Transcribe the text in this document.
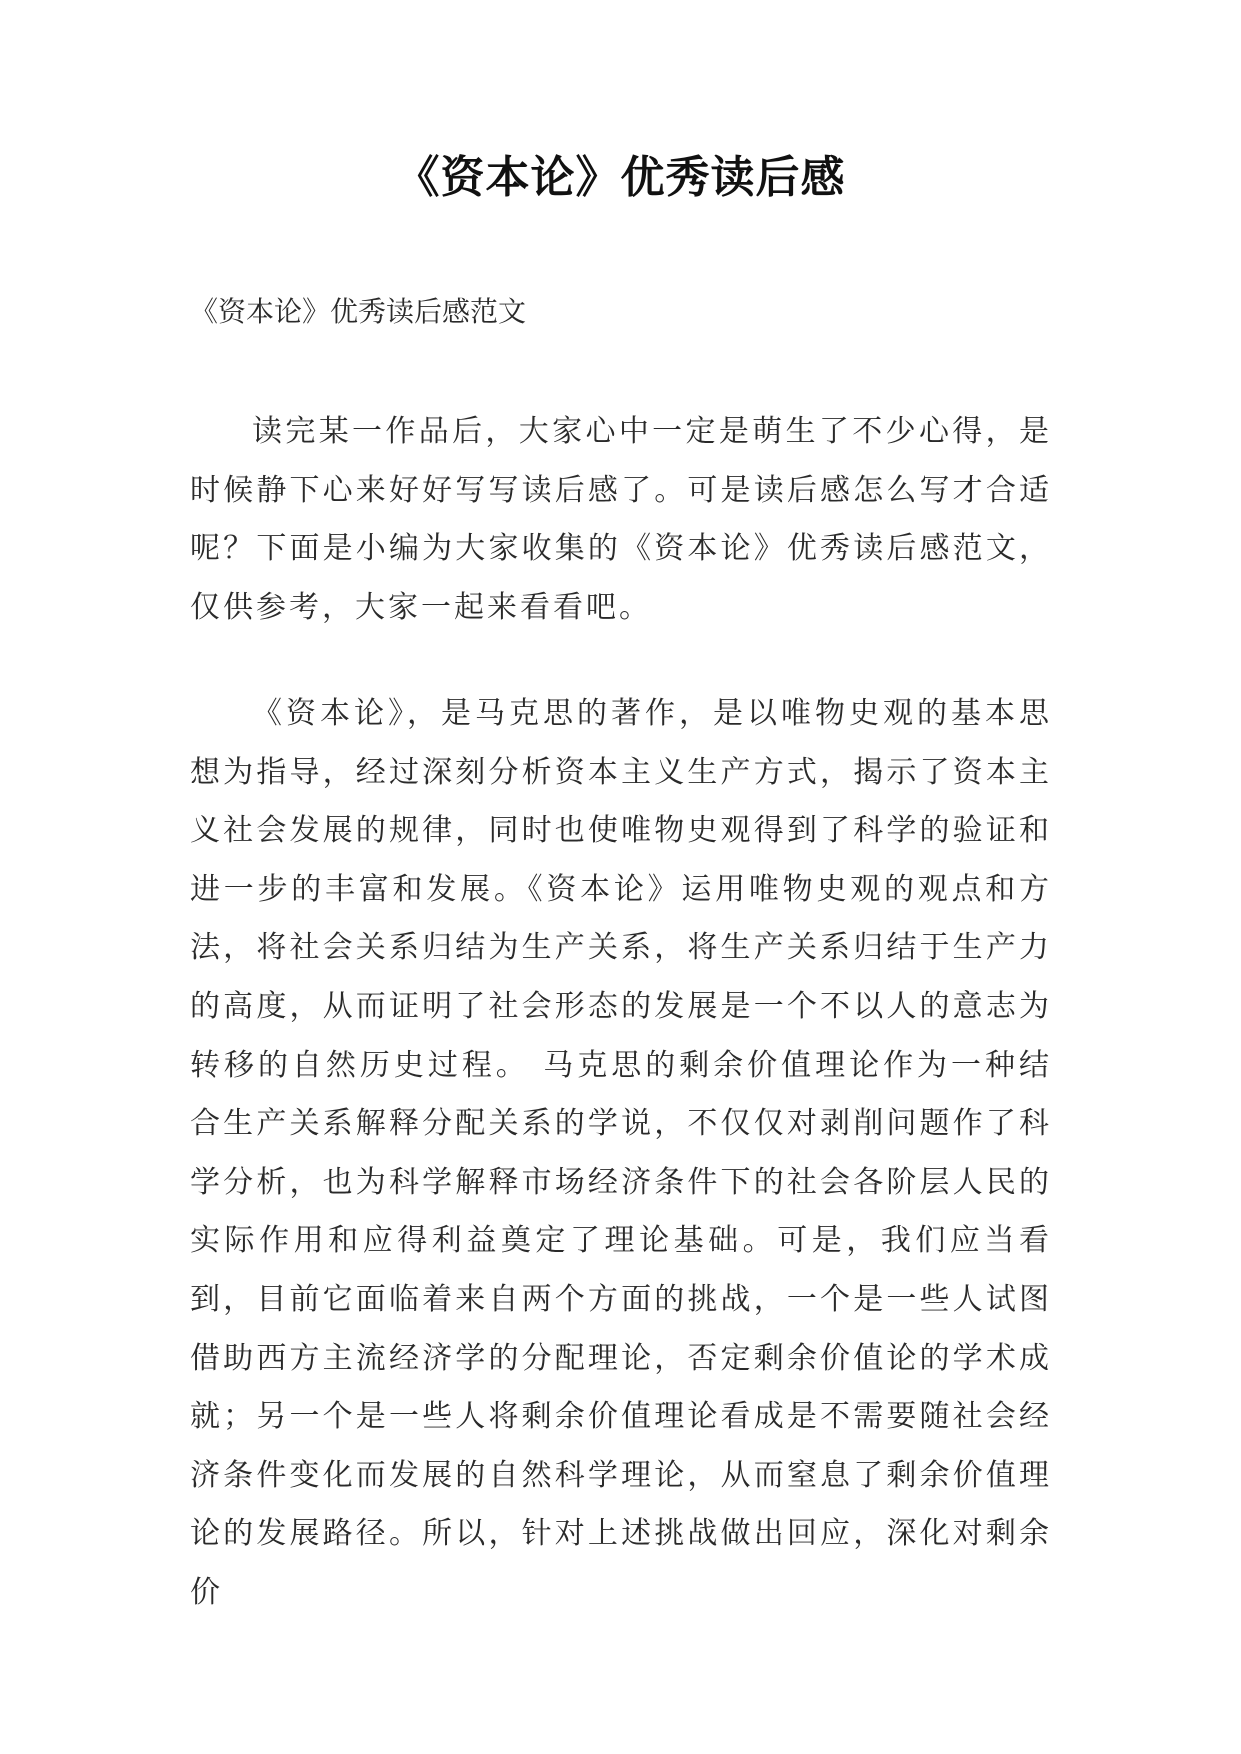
《资本论》优秀读后感

《资本论》优秀读后感范文

读完某一作品后，大家心中一定是萌生了不少心得，是时候静下心来好好写写读后感了。可是读后感怎么写才合适呢？下面是小编为大家收集的《资本论》优秀读后感范文，仅供参考，大家一起来看看吧。

《资本论》，是马克思的著作，是以唯物史观的基本思想为指导，经过深刻分析资本主义生产方式，揭示了资本主义社会发展的规律，同时也使唯物史观得到了科学的验证和进一步的丰富和发展。《资本论》运用唯物史观的观点和方法，将社会关系归结为生产关系，将生产关系归结于生产力的高度，从而证明了社会形态的发展是一个不以人的意志为转移的自然历史过程。 马克思的剩余价值理论作为一种结合生产关系解释分配关系的学说，不仅仅对剥削问题作了科学分析，也为科学解释市场经济条件下的社会各阶层人民的实际作用和应得利益奠定了理论基础。可是，我们应当看到，目前它面临着来自两个方面的挑战，一个是一些人试图借助西方主流经济学的分配理论，否定剩余价值论的学术成就；另一个是一些人将剩余价值理论看成是不需要随社会经济条件变化而发展的自然科学理论，从而窒息了剩余价值理论的发展路径。所以，针对上述挑战做出回应，深化对剩余价
